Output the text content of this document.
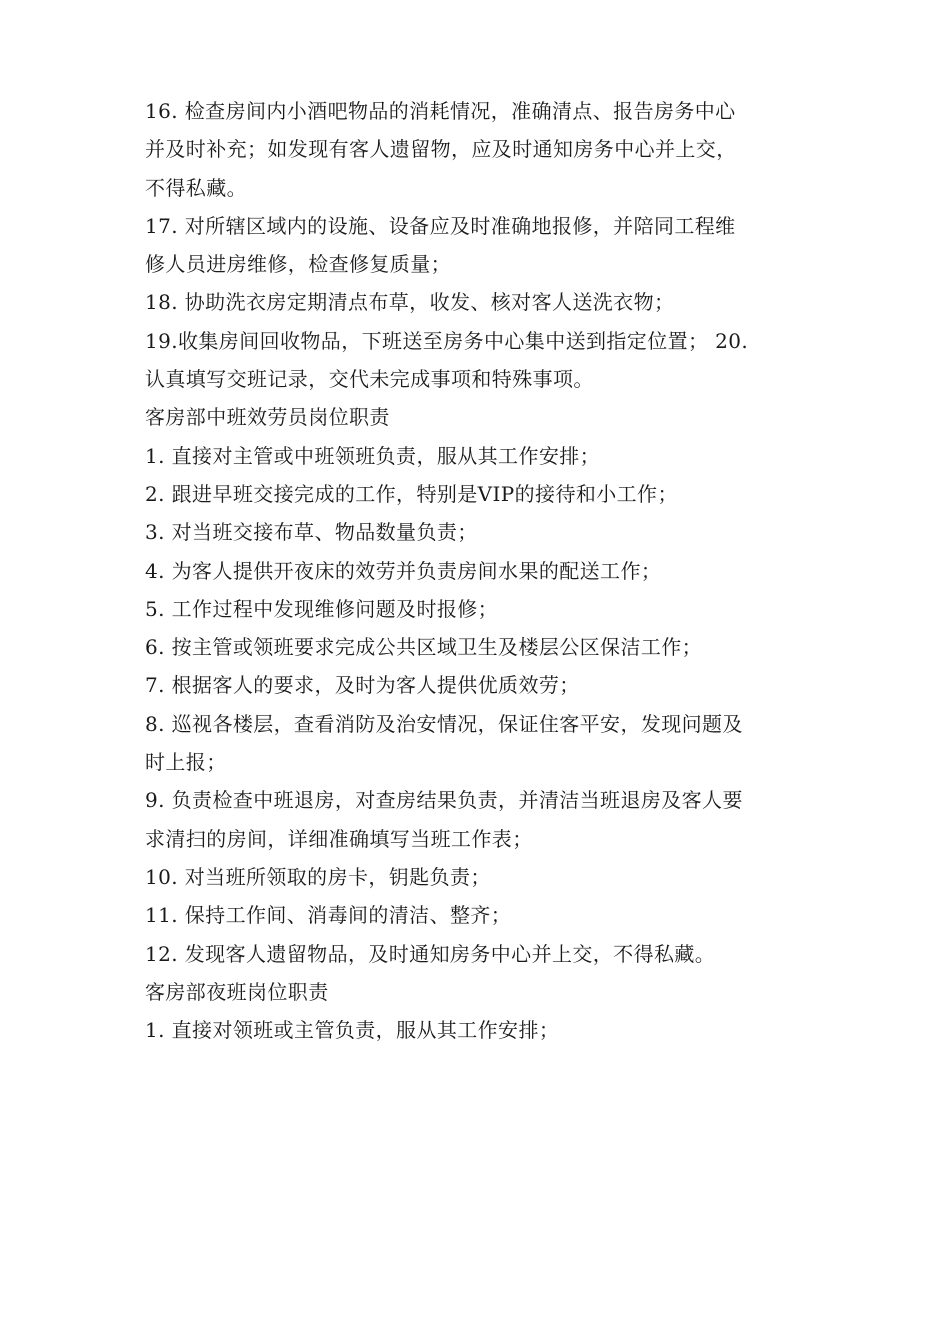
16. 检查房间内小酒吧物品的消耗情况，准确清点、报告房务中心
并及时补充；如发现有客人遗留物，应及时通知房务中心并上交，
不得私藏。
17. 对所辖区域内的设施、设备应及时准确地报修，并陪同工程维
修人员进房维修，检查修复质量；
18. 协助洗衣房定期清点布草，收发、核对客人送洗衣物；
19.收集房间回收物品，下班送至房务中心集中送到指定位置； 20.
认真填写交班记录，交代未完成事项和特殊事项。
客房部中班效劳员岗位职责
1. 直接对主管或中班领班负责，服从其工作安排；
2. 跟进早班交接完成的工作，特别是VIP的接待和小工作；
3. 对当班交接布草、物品数量负责；
4. 为客人提供开夜床的效劳并负责房间水果的配送工作；
5. 工作过程中发现维修问题及时报修；
6. 按主管或领班要求完成公共区域卫生及楼层公区保洁工作；
7. 根据客人的要求，及时为客人提供优质效劳；
8. 巡视各楼层，查看消防及治安情况，保证住客平安，发现问题及
时上报；
9. 负责检查中班退房，对查房结果负责，并清洁当班退房及客人要
求清扫的房间，详细准确填写当班工作表；
10. 对当班所领取的房卡，钥匙负责；
11. 保持工作间、消毒间的清洁、整齐；
12. 发现客人遗留物品，及时通知房务中心并上交，不得私藏。
客房部夜班岗位职责
1. 直接对领班或主管负责，服从其工作安排；
